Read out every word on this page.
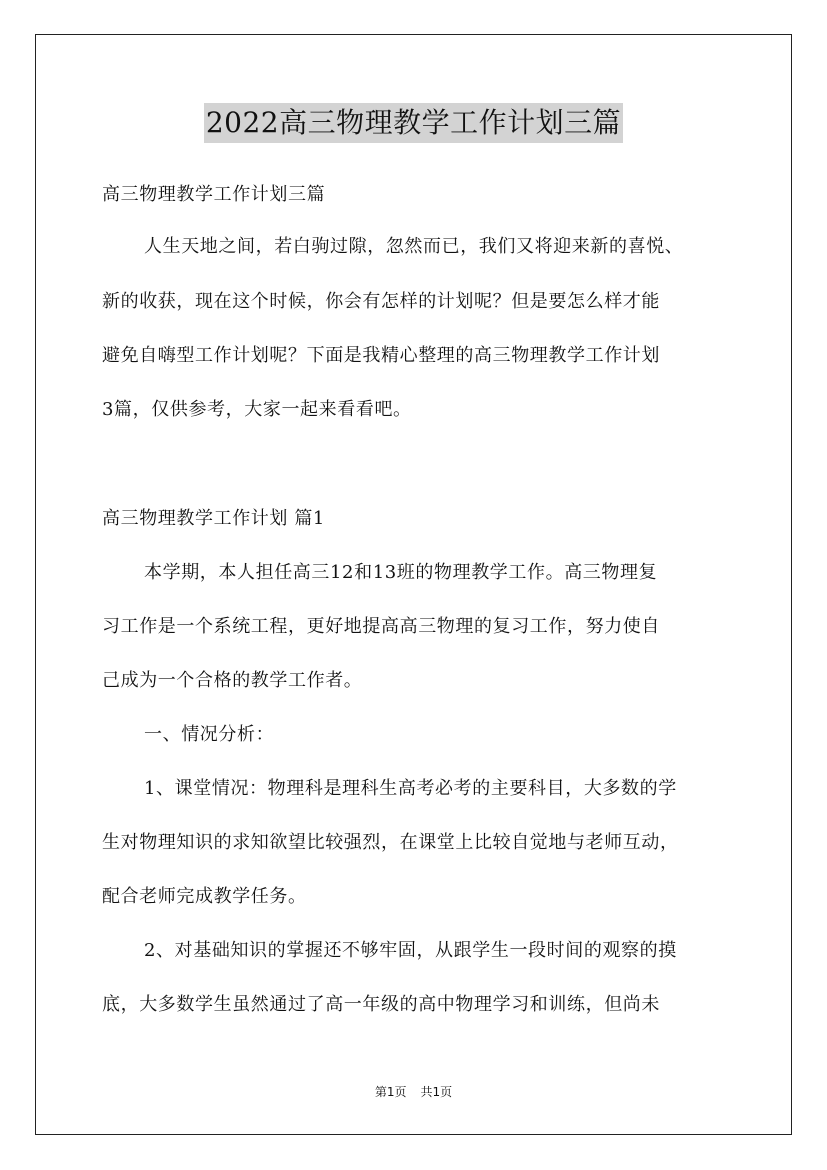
2022高三物理教学工作计划三篇
高三物理教学工作计划三篇
人生天地之间，若白驹过隙，忽然而已，我们又将迎来新的喜悦、
新的收获，现在这个时候，你会有怎样的计划呢？但是要怎么样才能
避免自嗨型工作计划呢？下面是我精心整理的高三物理教学工作计划
3篇，仅供参考，大家一起来看看吧。
高三物理教学工作计划 篇1
本学期，本人担任高三12和13班的物理教学工作。高三物理复
习工作是一个系统工程，更好地提高高三物理的复习工作，努力使自
己成为一个合格的教学工作者。
一、情况分析：
1、课堂情况：物理科是理科生高考必考的主要科目，大多数的学
生对物理知识的求知欲望比较强烈，在课堂上比较自觉地与老师互动，
配合老师完成教学任务。
2、对基础知识的掌握还不够牢固，从跟学生一段时间的观察的摸
底，大多数学生虽然通过了高一年级的高中物理学习和训练，但尚未
第1页 共1页
